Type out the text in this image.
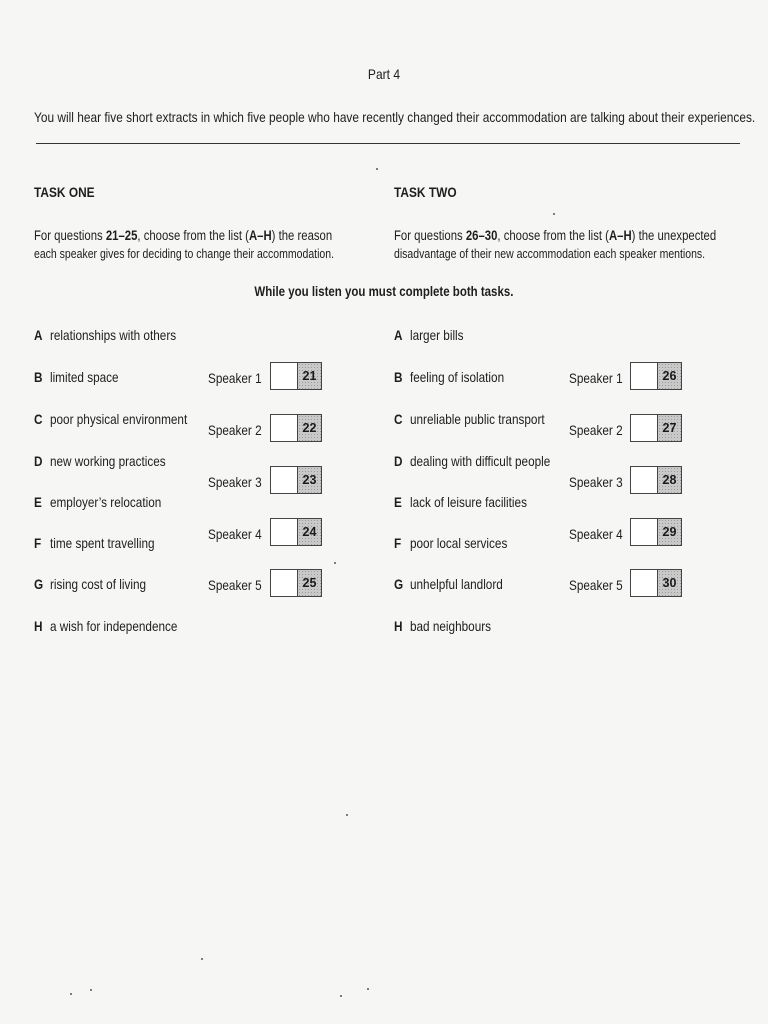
Part 4
You will hear five short extracts in which five people who have recently changed their accommodation are talking about their experiences.
TASK ONE
For questions 21–25, choose from the list (A–H) the reason
each speaker gives for deciding to change their accommodation.
TASK TWO
For questions 26–30, choose from the list (A–H) the unexpected
disadvantage of their new accommodation each speaker mentions.
While you listen you must complete both tasks.
A relationships with others
B limited space
C poor physical environment
D new working practices
E employer’s relocation
F time spent travelling
G rising cost of living
H a wish for independence
Speaker 1	21
Speaker 2	22
Speaker 3	23
Speaker 4	24
Speaker 5	25
A larger bills
B feeling of isolation
C unreliable public transport
D dealing with difficult people
E lack of leisure facilities
F poor local services
G unhelpful landlord
H bad neighbours
Speaker 1	26
Speaker 2	27
Speaker 3	28
Speaker 4	29
Speaker 5	30
